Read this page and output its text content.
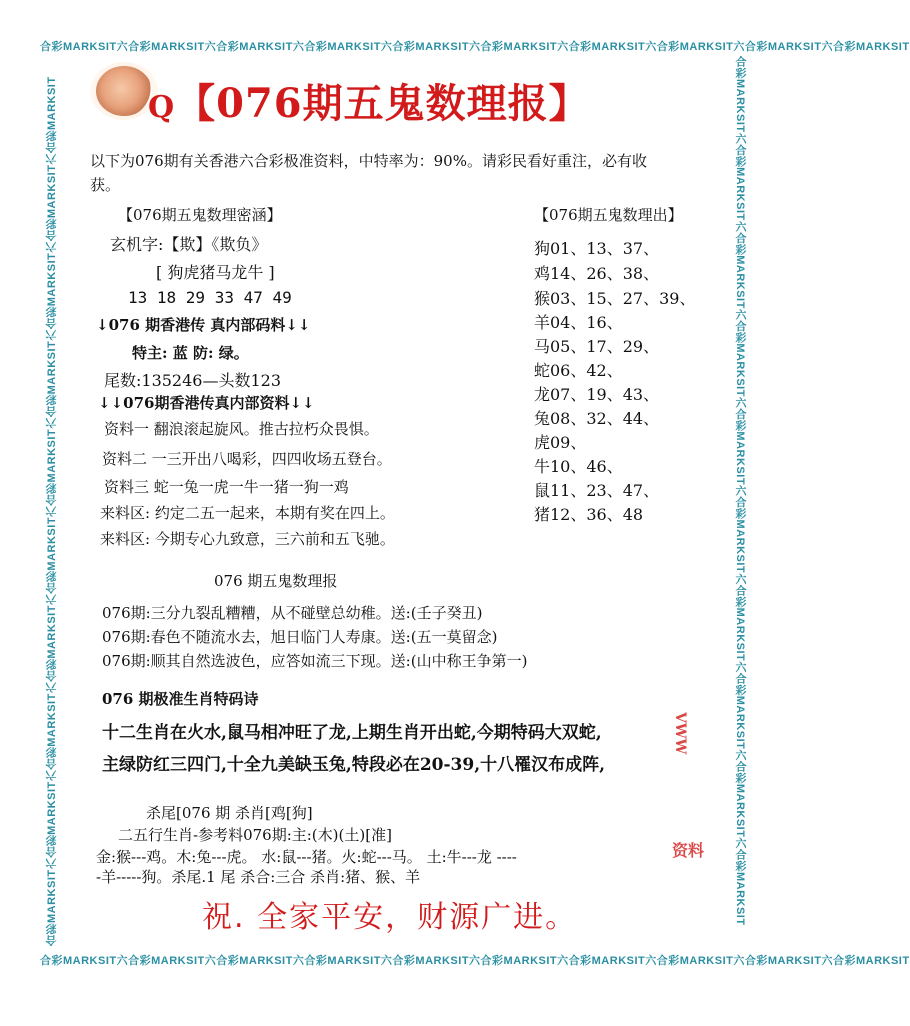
合彩MARKSIT六合彩MARKSIT六合彩MARKSIT六合彩MARKSIT六合彩MARKSIT六合彩MARKSIT六合彩MARKSIT六合彩MARKSIT六合彩MARKSIT六合彩MARKSIT
合彩MARKSIT六合彩MARKSIT六合彩MARKSIT六合彩MARKSIT六合彩MARKSIT六合彩MARKSIT六合彩MARKSIT六合彩MARKSIT六合彩MARKSIT六合彩MARKSIT
合彩MARKSIT六合彩MARKSIT六合彩MARKSIT六合彩MARKSIT六合彩MARKSIT六合彩MARKSIT六合彩MARKSIT六合彩MARKSIT六合彩MARKSIT六合彩MARKSIT	合彩MARKSIT六合彩MARKSIT六合彩MARKSIT六合彩MARKSIT六合彩MARKSIT六合彩MARKSIT六合彩MARKSIT六合彩MARKSIT六合彩MARKSIT六合彩MARKSIT
Q【076期五鬼数理报】
以下为076期有关香港六合彩极准资料，中特率为：90%。请彩民看好重注，必有收
获。
【076期五鬼数理密涵】
玄机字:【欺】《欺负》
[ 狗虎猪马龙牛 ]
13 18 29 33 47 49
↓076 期香港传 真内部码料↓↓
特主: 蓝 防: 绿。
尾数:135246—头数123
↓↓076期香港传真内部资料↓↓
资料一 翻浪滚起旋风。推古拉朽众畏惧。
资料二 一三开出八喝彩，四四收场五登台。
资料三 蛇一兔一虎一牛一猪一狗一鸡
来料区: 约定二五一起来，本期有奖在四上。
来料区: 今期专心九致意，三六前和五飞驰。
【076期五鬼数理出】
狗01、13、37、
鸡14、26、38、
猴03、15、27、39、
羊04、16、
马05、17、29、
蛇06、42、
龙07、19、43、
兔08、32、44、
虎09、
牛10、46、
鼠11、23、47、
猪12、36、48
076 期五鬼数理报
076期:三分九裂乱糟糟，从不碰壁总幼稚。送:(壬子癸丑)
076期:春色不随流水去，旭日临门人寿康。送:(五一莫留念)
076期:顺其自然选波色，应答如流三下现。送:(山中称王争第一)
076 期极准生肖特码诗
十二生肖在火水,鼠马相冲旺了龙,上期生肖开出蛇,今期特码大双蛇,
主绿防红三四门,十全九美缺玉兔,特段必在20-39,十八罹汉布成阵,
VWW
杀尾[076 期 杀肖[鸡[狗]
二五行生肖-参考料076期:主:(木)(土)[准]
金:猴---鸡。木:兔---虎。 水:鼠---猪。火:蛇---马。 土:牛---龙 ----
-羊-----狗。杀尾.1 尾 杀合:三合 杀肖:猪、猴、羊
资料
祝. 全家平安，财源广进。
